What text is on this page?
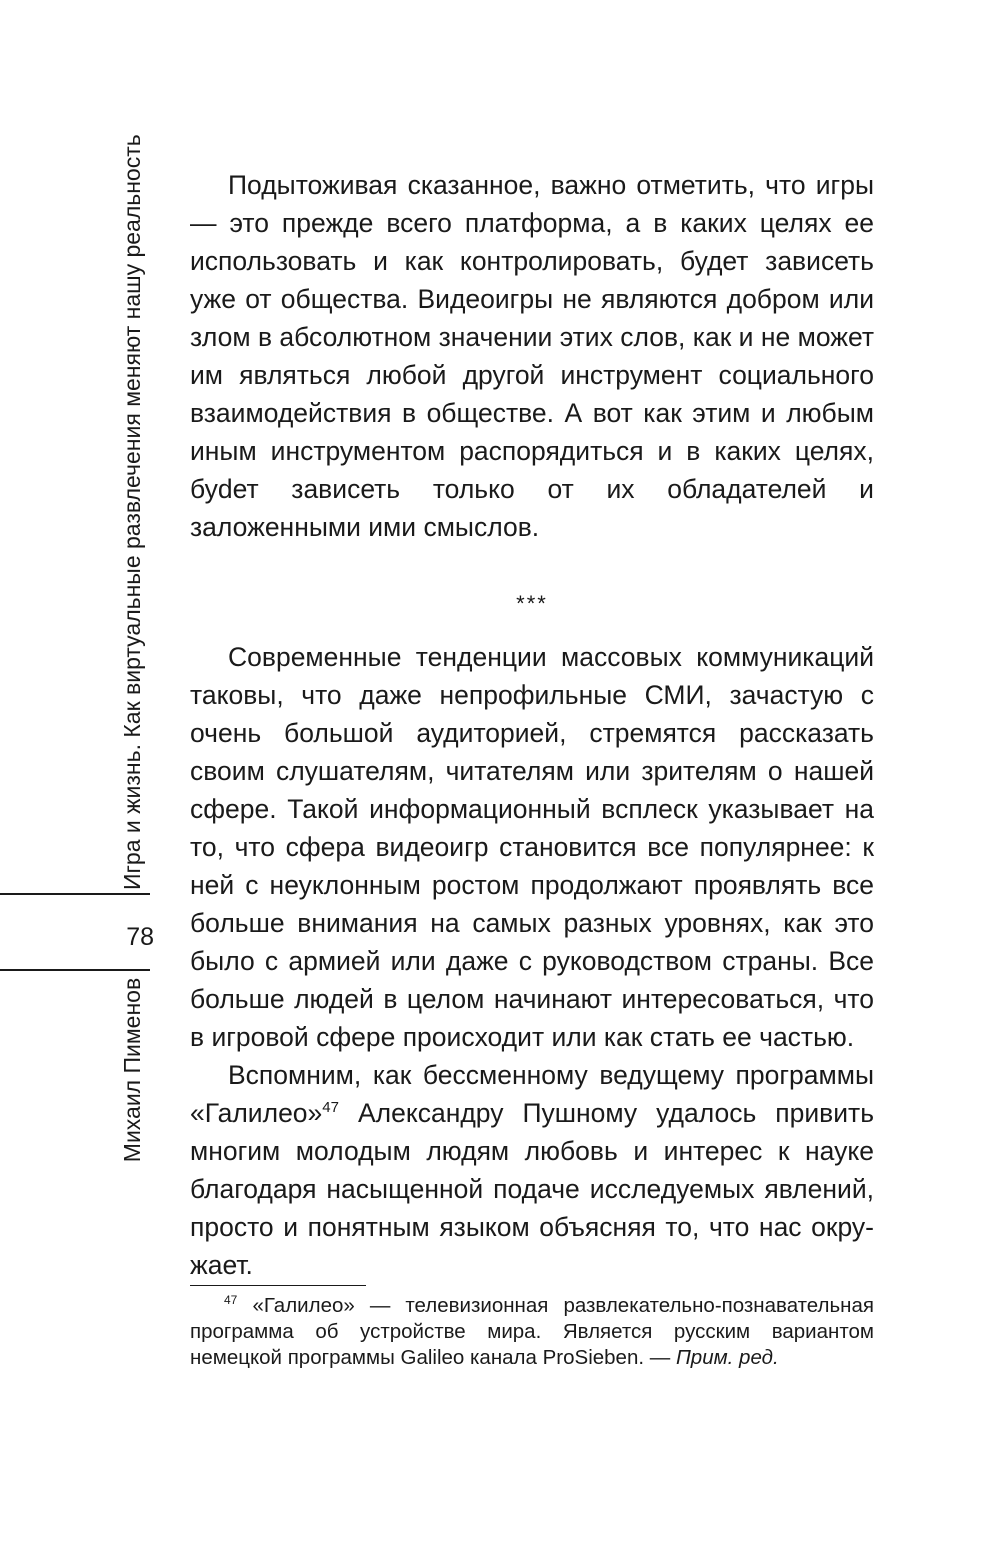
Игра и жизнь. Как виртуальные развлечения меняют нашу реальность
78
Михаил Пименов

Подытоживая сказанное, важно отметить, что игры — это прежде всего платформа, а в каких целях ее использовать и как контролировать, будет зависеть уже от общества. Видеоигры не являются добром или злом в абсолютном значении этих слов, как и не может им являться любой другой инструмент социального взаимодействия в обществе. А вот как этим и любым иным инструментом распорядиться и в каких целях, буdет зависеть только от их обладателей и заложенными ими смыслов.

***

Современные тенденции массовых коммуникаций таковы, что даже непрофильные СМИ, зачастую с очень большой аудиторией, стремятся рассказать своим слушателям, читателям или зрителям о нашей сфере. Такой информационный всплеск указывает на то, что сфера видеоигр становится все популярнее: к ней с неуклонным ростом продолжают проявлять все больше внимания на самых разных уровнях, как это было с армией или даже с руководством страны. Все больше людей в целом начинают интересоваться, что в игровой сфере происходит или как стать ее частью.

Вспомним, как бессменному ведущему программы «Галилео»$^{47}$ Александру Пушному удалось привить многим молодым людям любовь и интерес к науке благодаря насыщенной подаче исследуемых явлений, просто и понятным языком объясняя то, что нас окружает.

$^{47}$ «Галилео» — телевизионная развлекательно-познавательная программа об устройстве мира. Является русским вариантом немецкой программы Galileo канала ProSieben. — Прим. ред.
